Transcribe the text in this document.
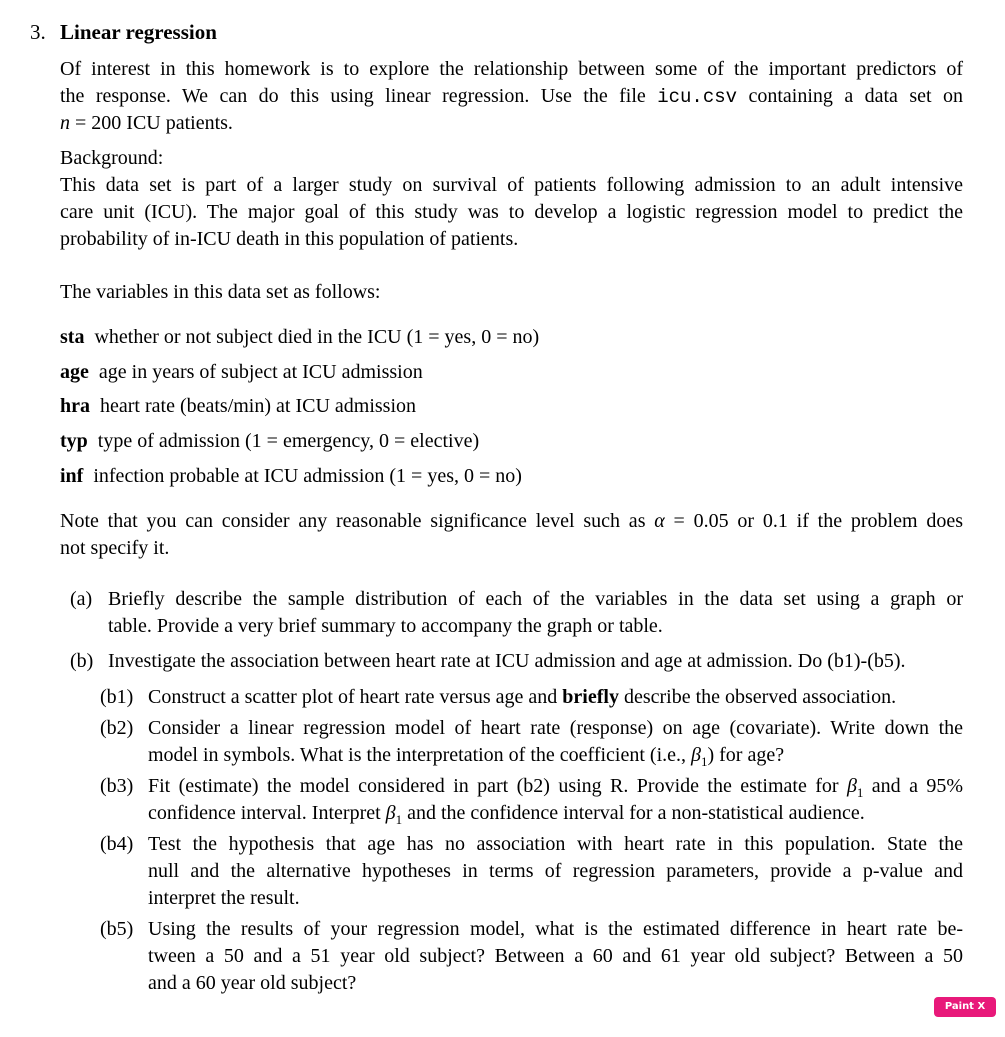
3. Linear regression
Of interest in this homework is to explore the relationship between some of the important predictors of
the response. We can do this using linear regression. Use the file icu.csv containing a data set on
n = 200 ICU patients.
Background:
This data set is part of a larger study on survival of patients following admission to an adult intensive
care unit (ICU). The major goal of this study was to develop a logistic regression model to predict the
probability of in-ICU death in this population of patients.
The variables in this data set as follows:
sta whether or not subject died in the ICU (1 = yes, 0 = no)
age age in years of subject at ICU admission
hra heart rate (beats/min) at ICU admission
typ type of admission (1 = emergency, 0 = elective)
inf infection probable at ICU admission (1 = yes, 0 = no)
Note that you can consider any reasonable significance level such as α = 0.05 or 0.1 if the problem does
not specify it.
(a) Briefly describe the sample distribution of each of the variables in the data set using a graph or
table. Provide a very brief summary to accompany the graph or table.
(b) Investigate the association between heart rate at ICU admission and age at admission. Do (b1)-(b5).
(b1) Construct a scatter plot of heart rate versus age and briefly describe the observed association.
(b2) Consider a linear regression model of heart rate (response) on age (covariate). Write down the
model in symbols. What is the interpretation of the coefficient (i.e., $\beta_1$) for age?
(b3) Fit (estimate) the model considered in part (b2) using R. Provide the estimate for $\beta_1$ and a 95%
confidence interval. Interpret $\beta_1$ and the confidence interval for a non-statistical audience.
(b4) Test the hypothesis that age has no association with heart rate in this population. State the
null and the alternative hypotheses in terms of regression parameters, provide a p-value and
interpret the result.
(b5) Using the results of your regression model, what is the estimated difference in heart rate be-
tween a 50 and a 51 year old subject? Between a 60 and 61 year old subject? Between a 50
and a 60 year old subject?
Paint X lite
